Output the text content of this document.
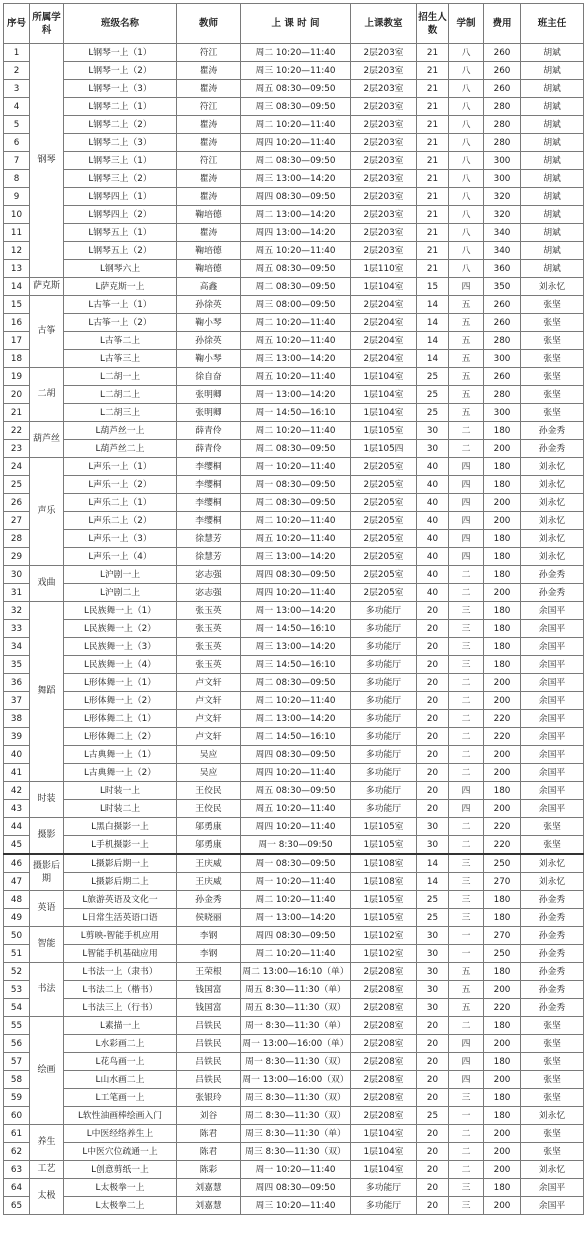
序号	所属学科	班级名称	教师	上 课 时 间	上课教室	招生人数	学制	费用	班主任
1	钢琴	L钢琴一上（1）	符江	周二 10:20—11:40	2层203室	21	八	260	胡斌
2		L钢琴一上（2）	瞿涛	周三 10:20—11:40	2层203室	21	八	260	胡斌
3		L钢琴一上（3）	瞿涛	周五 08:30—09:50	2层203室	21	八	260	胡斌
4		L钢琴二上（1）	符江	周三 08:30—09:50	2层203室	21	八	280	胡斌
5		L钢琴二上（2）	瞿涛	周二 10:20—11:40	2层203室	21	八	280	胡斌
6		L钢琴二上（3）	瞿涛	周四 10:20—11:40	2层203室	21	八	280	胡斌
7		L钢琴三上（1）	符江	周二 08:30—09:50	2层203室	21	八	300	胡斌
8		L钢琴三上（2）	瞿涛	周三 13:00—14:20	2层203室	21	八	300	胡斌
9		L钢琴四上（1）	瞿涛	周四 08:30—09:50	2层203室	21	八	320	胡斌
10		L钢琴四上（2）	鞠培德	周二 13:00—14:20	2层203室	21	八	320	胡斌
11		L钢琴五上（1）	瞿涛	周四 13:00—14:20	2层203室	21	八	340	胡斌
12		L钢琴五上（2）	鞠培德	周五 10:20—11:40	2层203室	21	八	340	胡斌
13		L钢琴六上	鞠培德	周五 08:30—09:50	1层110室	21	八	360	胡斌
14	萨克斯	L萨克斯一上	高鑫	周二 08:30—09:50	1层104室	15	四	350	刘永忆
15	古筝	L古筝一上（1）	孙徐英	周三 08:00—09:50	2层204室	14	五	260	张坚
16		L古筝一上（2）	鞠小琴	周二 10:20—11:40	2层204室	14	五	260	张坚
17		L古筝二上	孙徐英	周五 10:20—11:40	2层204室	14	五	280	张坚
18		L古筝三上	鞠小琴	周三 13:00—14:20	2层204室	14	五	300	张坚
19	二胡	L二胡一上	徐自奋	周五 10:20—11:40	1层104室	25	五	260	张坚
20		L二胡二上	张明卿	周一 13:00—14:20	1层104室	25	五	280	张坚
21		L二胡三上	张明卿	周一 14:50—16:10	1层104室	25	五	300	张坚
22	葫芦丝	L葫芦丝一上	薛青伶	周二 10:20—11:40	1层105室	30	二	180	孙金秀
23		L葫芦丝二上	薛青伶	周二 08:30—09:50	1层105四	30	二	200	孙金秀
24	声乐	L声乐一上（1）	李缨桐	周一 10:20—11:40	2层205室	40	四	180	刘永忆
25		L声乐一上（2）	李缨桐	周一 08:30—09:50	2层205室	40	四	180	刘永忆
26		L声乐二上（1）	李缨桐	周二 08:30—09:50	2层205室	40	四	200	刘永忆
27		L声乐二上（2）	李缨桐	周二 10:20—11:40	2层205室	40	四	200	刘永忆
28		L声乐一上（3）	徐慧芳	周五 10:20—11:40	2层205室	40	四	180	刘永忆
29		L声乐一上（4）	徐慧芳	周三 13:00—14:20	2层205室	40	四	180	刘永忆
30	戏曲	L沪剧一上	宓志强	周四 08:30—09:50	2层205室	40	二	180	孙金秀
31		L沪剧二上	宓志强	周四 10:20—11:40	2层205室	40	二	200	孙金秀
32	舞蹈	L民族舞一上（1）	张玉英	周一 13:00—14:20	多功能厅	20	三	180	余国平
33		L民族舞一上（2）	张玉英	周一 14:50—16:10	多功能厅	20	三	180	余国平
34		L民族舞一上（3）	张玉英	周三 13:00—14:20	多功能厅	20	三	180	余国平
35		L民族舞一上（4）	张玉英	周三 14:50—16:10	多功能厅	20	三	180	余国平
36		L形体舞一上（1）	卢文轩	周二 08:30—09:50	多功能厅	20	二	200	余国平
37		L形体舞一上（2）	卢文轩	周二 10:20—11:40	多功能厅	20	二	200	余国平
38		L形体舞二上（1）	卢文轩	周二 13:00—14:20	多功能厅	20	二	220	余国平
39		L形体舞二上（2）	卢文轩	周二 14:50—16:10	多功能厅	20	二	220	余国平
40		L古典舞一上（1）	吴应	周四 08:30—09:50	多功能厅	20	二	200	余国平
41		L古典舞一上（2）	吴应	周四 10:20—11:40	多功能厅	20	二	200	余国平
42	时装	L时装一上	王佼民	周五 08:30—09:50	多功能厅	20	四	180	余国平
43		L时装二上	王佼民	周五 10:20—11:40	多功能厅	20	四	200	余国平
44	摄影	L黑白摄影一上	邬勇康	周四 10:20—11:40	1层105室	30	二	220	张坚
45		L手机摄影一上	邬勇康	周一 8:30—09:50	1层105室	30	二	220	张坚
46	摄影后期	L摄影后期一上	王庆威	周一 08:30—09:50	1层108室	14	三	250	刘永忆
47		L摄影后期二上	王庆威	周一 10:20—11:40	1层108室	14	三	270	刘永忆
48	英语	L旅游英语及文化一	孙金秀	周二 10:20—11:40	1层105室	25	三	180	孙金秀
49		L日常生活英语口语	侯晓丽	周一 13:00—14:20	1层105室	25	三	180	孙金秀
50	智能	L剪映-智能手机应用	李钢	周四 08:30—09:50	1层102室	30	一	270	孙金秀
51		L智能手机基础应用	李钢	周二 10:20—11:40	1层102室	30	一	250	孙金秀
52	书法	L书法一上（隶书）	王荣根	周二 13:00—16:10（单）	2层208室	30	五	180	孙金秀
53		L书法二上（楷书）	钱国富	周五 8:30—11:30（单）	2层208室	30	五	200	孙金秀
54		L书法三上（行书）	钱国富	周五 8:30—11:30（双）	2层208室	30	五	220	孙金秀
55	绘画	L素描一上	吕铁民	周一 8:30—11:30（单）	2层208室	20	二	180	张坚
56		L水彩画二上	吕铁民	周一 13:00—16:00（单）	2层208室	20	四	200	张坚
57		L花鸟画一上	吕铁民	周一 8:30—11:30（双）	2层208室	20	四	180	张坚
58		L山水画二上	吕铁民	周一 13:00—16:00（双）	2层208室	20	四	200	张坚
59		L工笔画一上	张银玲	周三 8:30—11:30（双）	2层208室	20	三	180	张坚
60		L软性油画棒绘画入门	刘谷	周二 8:30—11:30（双）	2层208室	25	一	180	刘永忆
61	养生	L中医经络养生上	陈君	周三 8:30—11:30（单）	1层104室	20	二	200	张坚
62		L中医穴位疏通一上	陈君	周三 8:30—11:30（双）	1层104室	20	二	200	张坚
63	工艺	L创意剪纸一上	陈彩	周一 10:20—11:40	1层104室	20	二	200	刘永忆
64	太极	L太极拳一上	刘嘉慧	周四 08:30—09:50	多功能厅	20	三	180	余国平
65		L太极拳二上	刘嘉慧	周三 10:20—11:40	多功能厅	20	三	200	余国平
